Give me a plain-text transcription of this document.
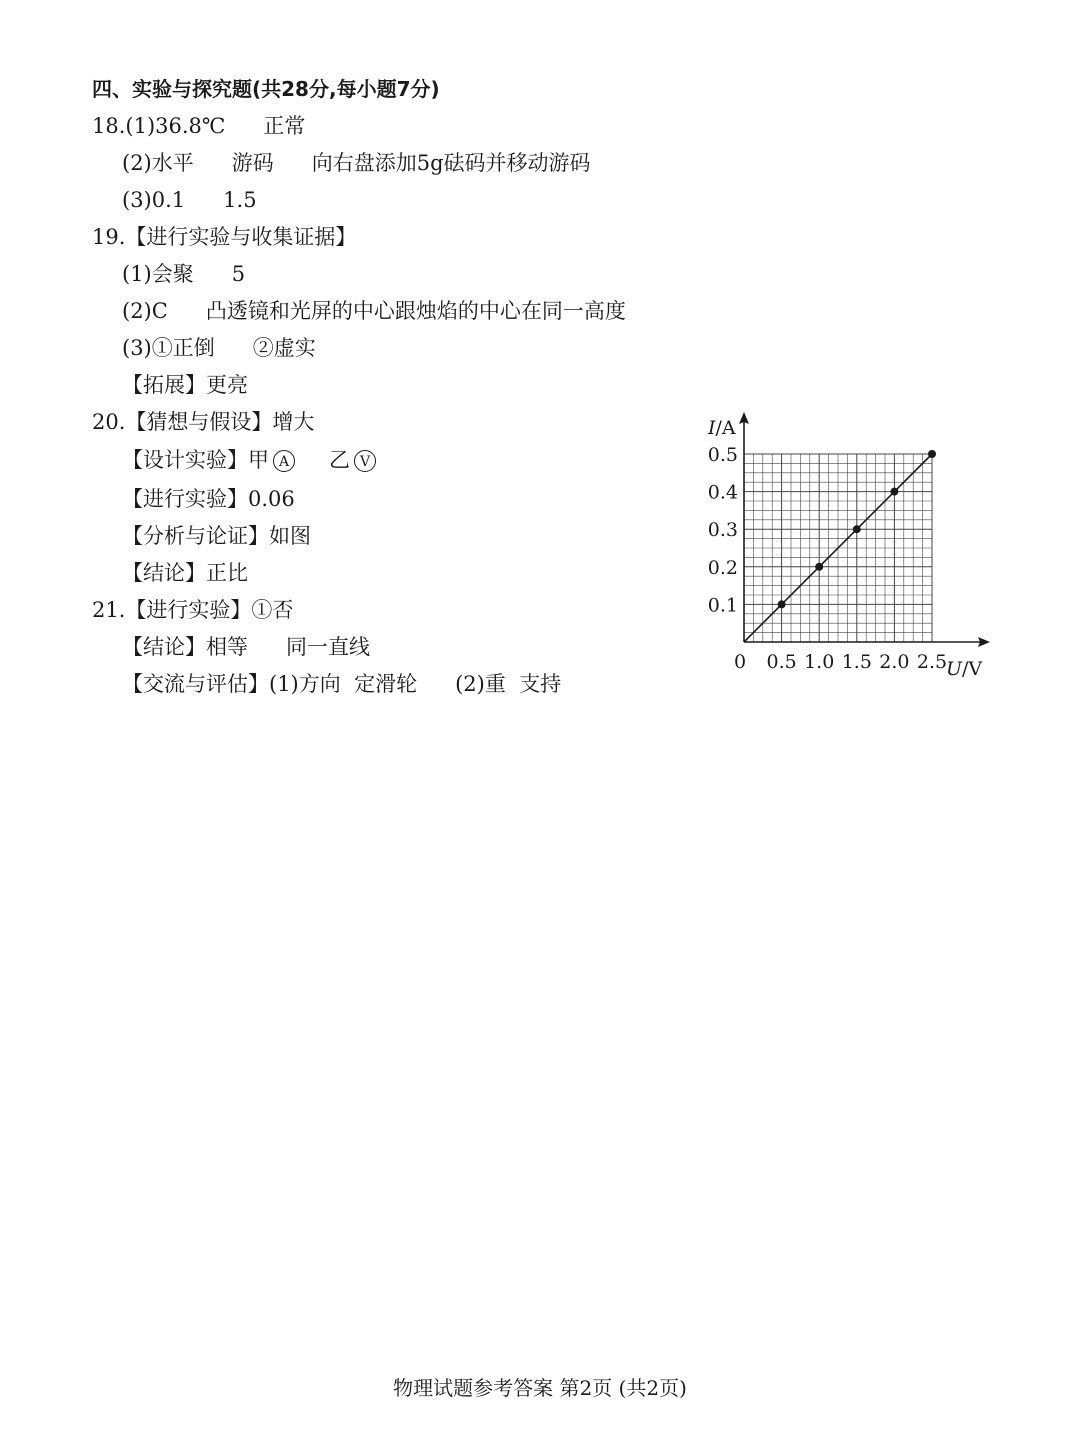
四、实验与探究题(共28分,每小题7分)
18.(1)36.8℃ 正常
(2)水平 游码 向右盘添加5g砝码并移动游码
(3)0.1 1.5
19.【进行实验与收集证据】
(1)会聚 5
(2)C 凸透镜和光屏的中心跟烛焰的中心在同一高度
(3)①正倒 ②虚实
【拓展】更亮
20.【猜想与假设】增大
【设计实验】甲 A 乙 V
【进行实验】0.06
【分析与论证】如图
【结论】正比
21.【进行实验】①否
【结论】相等 同一直线
【交流与评估】(1)方向  定滑轮 (2)重  支持
0.5 1.0 1.5 2.0 2.5
0.1
0.2
0.3
0.4
0.5
0
I/A
U/V
物理试题参考答案 第2页 (共2页)
